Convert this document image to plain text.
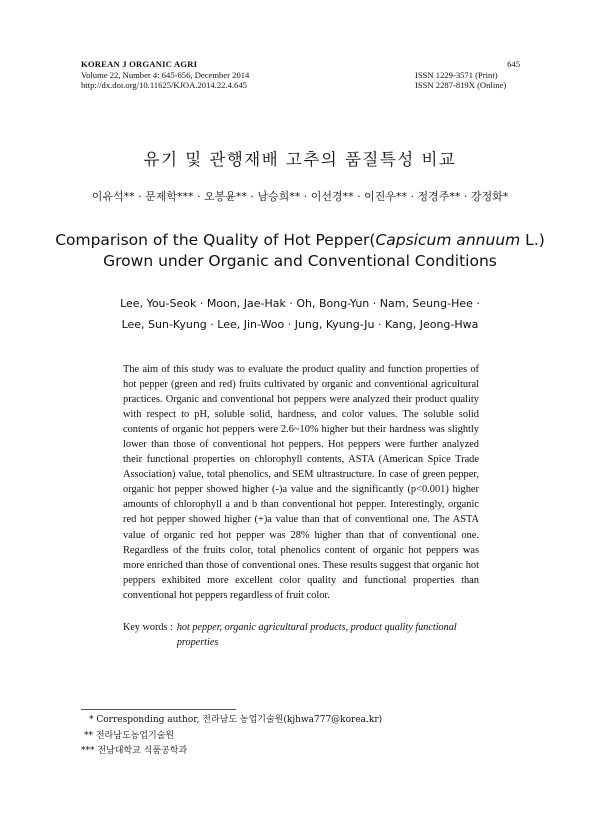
KOREAN J ORGANIC AGRI
Volume 22, Number 4: 645-656, December 2014
http://dx.doi.org/10.11625/KJOA.2014.22.4.645
645
ISSN 1229-3571 (Print)
ISSN 2287-819X (Online)
유기 및 관행재배 고추의 품질특성 비교
이유석** · 문제학*** · 오봉윤** · 남승희** · 이선경** · 이진우** · 정경주** · 강정화*
Comparison of the Quality of Hot Pepper(Capsicum annuum L.)
Grown under Organic and Conventional Conditions
Lee, You-Seok · Moon, Jae-Hak · Oh, Bong-Yun · Nam, Seung-Hee ·
Lee, Sun-Kyung · Lee, Jin-Woo · Jung, Kyung-Ju · Kang, Jeong-Hwa
The aim of this study was to evaluate the product quality and function properties of hot pepper (green and red) fruits cultivated by organic and conventional agricultural practices. Organic and conventional hot peppers were analyzed their product quality with respect to pH, soluble solid, hardness, and color values. The soluble solid contents of organic hot peppers were 2.6~10% higher but their hardness was slightly lower than those of conventional hot peppers. Hot peppers were further analyzed their functional properties on chlorophyll contents, ASTA (American Spice Trade Association) value, total phenolics, and SEM ultrastructure. In case of green pepper, organic hot pepper showed higher (-)a value and the significantly (p<0.001) higher amounts of chlorophyll a and b than conventional hot pepper. Interestingly, organic red hot pepper showed higher (+)a value than that of conventional one. The ASTA value of organic red hot pepper was 28% higher than that of conventional one. Regardless of the fruits color, total phenolics content of organic hot peppers was more enriched than those of conventional ones. These results suggest that organic hot peppers exhibited more excellent color quality and functional properties than conventional hot peppers regardless of fruit color.
Key words : hot pepper, organic agricultural products, product quality functional properties
* Corresponding author, 전라남도 농업기술원(kjhwa777@korea.kr)
** 전라남도농업기술원
*** 전남대학교 식품공학과
